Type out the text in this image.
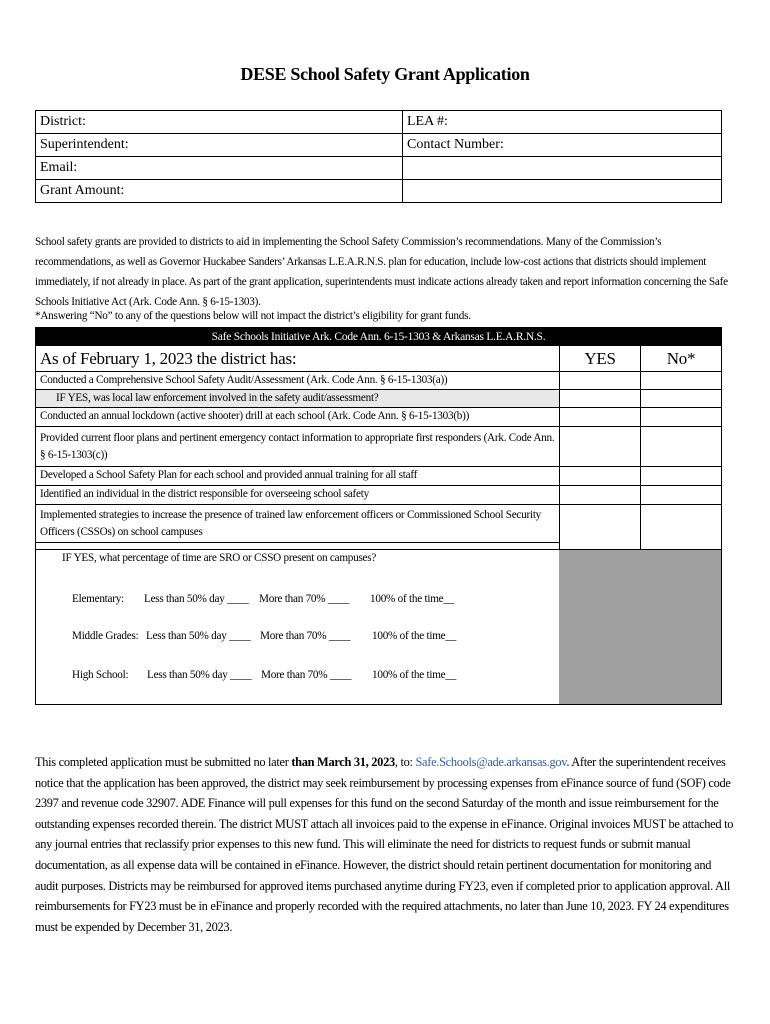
DESE School Safety Grant Application
District:	LEA #:
Superintendent:	Contact Number:
Email:	
Grant Amount:	
School safety grants are provided to districts to aid in implementing the School Safety Commission’s recommendations. Many of the Commission’s recommendations, as well as Governor Huckabee Sanders’ Arkansas L.E.A.R.N.S. plan for education, include low-cost actions that districts should implement immediately, if not already in place. As part of the grant application, superintendents must indicate actions already taken and report information concerning the Safe Schools Initiative Act (Ark. Code Ann. § 6-15-1303).
*Answering “No” to any of the questions below will not impact the district’s eligibility for grant funds.
Safe Schools Initiative Ark. Code Ann. 6-15-1303 & Arkansas L.E.A.R.N.S.
As of February 1, 2023 the district has:	YES	No*
Conducted a Comprehensive School Safety Audit/Assessment (Ark. Code Ann. § 6-15-1303(a))
IF YES, was local law enforcement involved in the safety audit/assessment?
Conducted an annual lockdown (active shooter) drill at each school (Ark. Code Ann. § 6-15-1303(b))
Provided current floor plans and pertinent emergency contact information to appropriate first responders (Ark. Code Ann. § 6-15-1303(c))
Developed a School Safety Plan for each school and provided annual training for all staff
Identified an individual in the district responsible for overseeing school safety
Implemented strategies to increase the presence of trained law enforcement officers or Commissioned School Security Officers (CSSOs) on school campuses
IF YES, what percentage of time are SRO or CSSO present on campuses?
Elementary: Less than 50% day ____ More than 70% ____ 100% of the time__
Middle Grades: Less than 50% day ____ More than 70% ____ 100% of the time__
High School: Less than 50% day ____ More than 70% ____ 100% of the time__
This completed application must be submitted no later than March 31, 2023, to: Safe.Schools@ade.arkansas.gov. After the superintendent receives notice that the application has been approved, the district may seek reimbursement by processing expenses from eFinance source of fund (SOF) code 2397 and revenue code 32907. ADE Finance will pull expenses for this fund on the second Saturday of the month and issue reimbursement for the outstanding expenses recorded therein. The district MUST attach all invoices paid to the expense in eFinance. Original invoices MUST be attached to any journal entries that reclassify prior expenses to this new fund. This will eliminate the need for districts to request funds or submit manual documentation, as all expense data will be contained in eFinance. However, the district should retain pertinent documentation for monitoring and audit purposes. Districts may be reimbursed for approved items purchased anytime during FY23, even if completed prior to application approval. All reimbursements for FY23 must be in eFinance and properly recorded with the required attachments, no later than June 10, 2023. FY 24 expenditures must be expended by December 31, 2023.
